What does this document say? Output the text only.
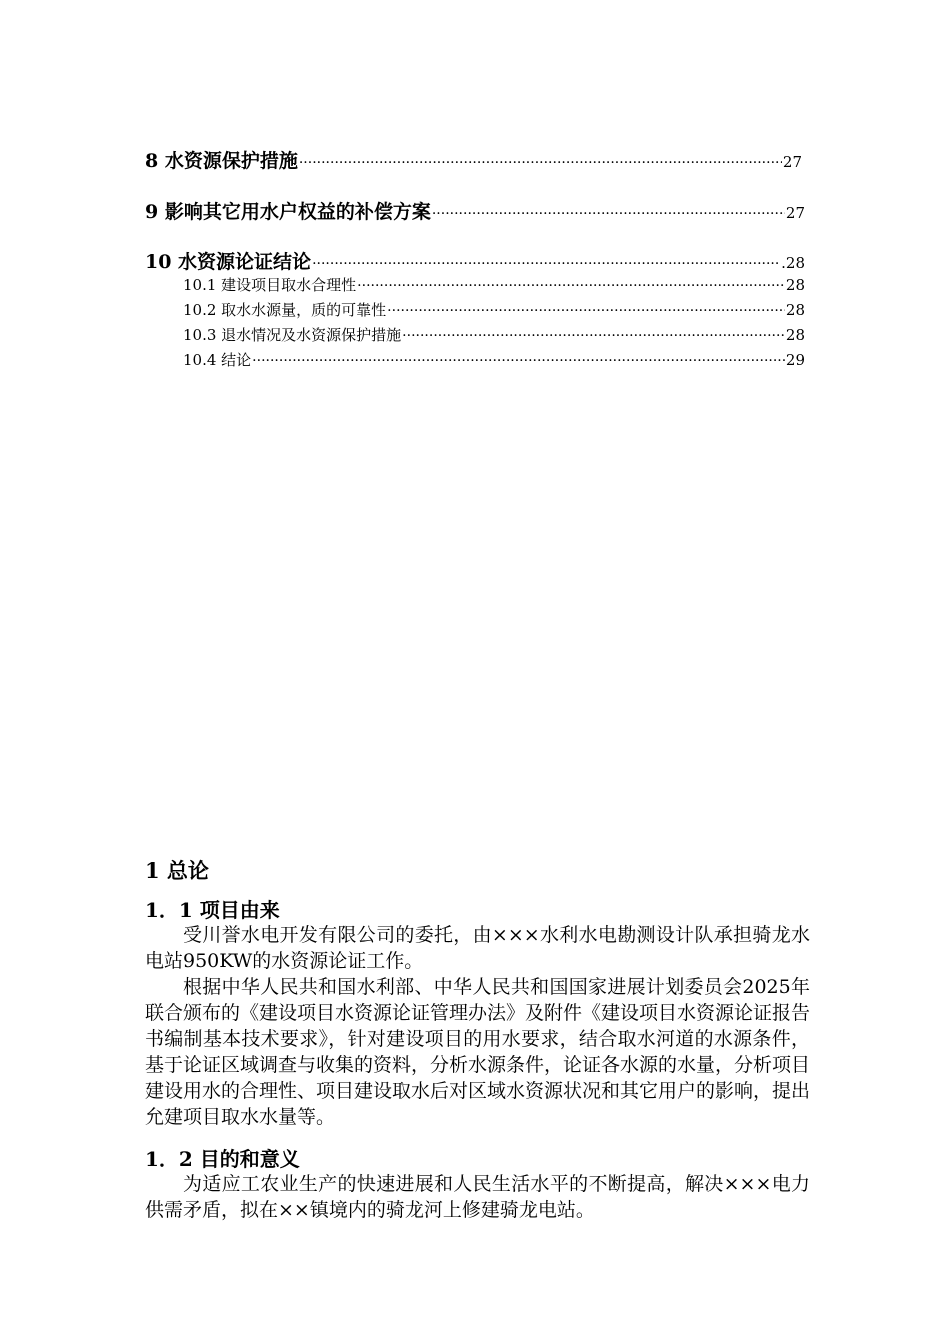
8 水资源保护措施 ·····	27
9 影响其它用水户权益的补偿方案 ·····	27
10 水资源论证结论 ·····	.28
10.1 建设项目取水合理性 ·····	28
10.2 取水水源量，质的可靠性 ·····	28
10.3 退水情况及水资源保护措施 ·····	28
10.4 结论 ·····	29
1 总论
1．1 项目由来
受川誉水电开发有限公司的委托，由×××水利水电勘测设计队承担骑龙水电站950KW的水资源论证工作。
根据中华人民共和国水利部、中华人民共和国国家进展计划委员会2025年联合颁布的《建设项目水资源论证管理办法》及附件《建设项目水资源论证报告书编制基本技术要求》，针对建设项目的用水要求，结合取水河道的水源条件，基于论证区域调查与收集的资料，分析水源条件，论证各水源的水量，分析项目建设用水的合理性、项目建设取水后对区域水资源状况和其它用户的影响，提出允建项目取水水量等。
1．2 目的和意义
为适应工农业生产的快速进展和人民生活水平的不断提高，解决×××电力供需矛盾，拟在××镇境内的骑龙河上修建骑龙电站。
